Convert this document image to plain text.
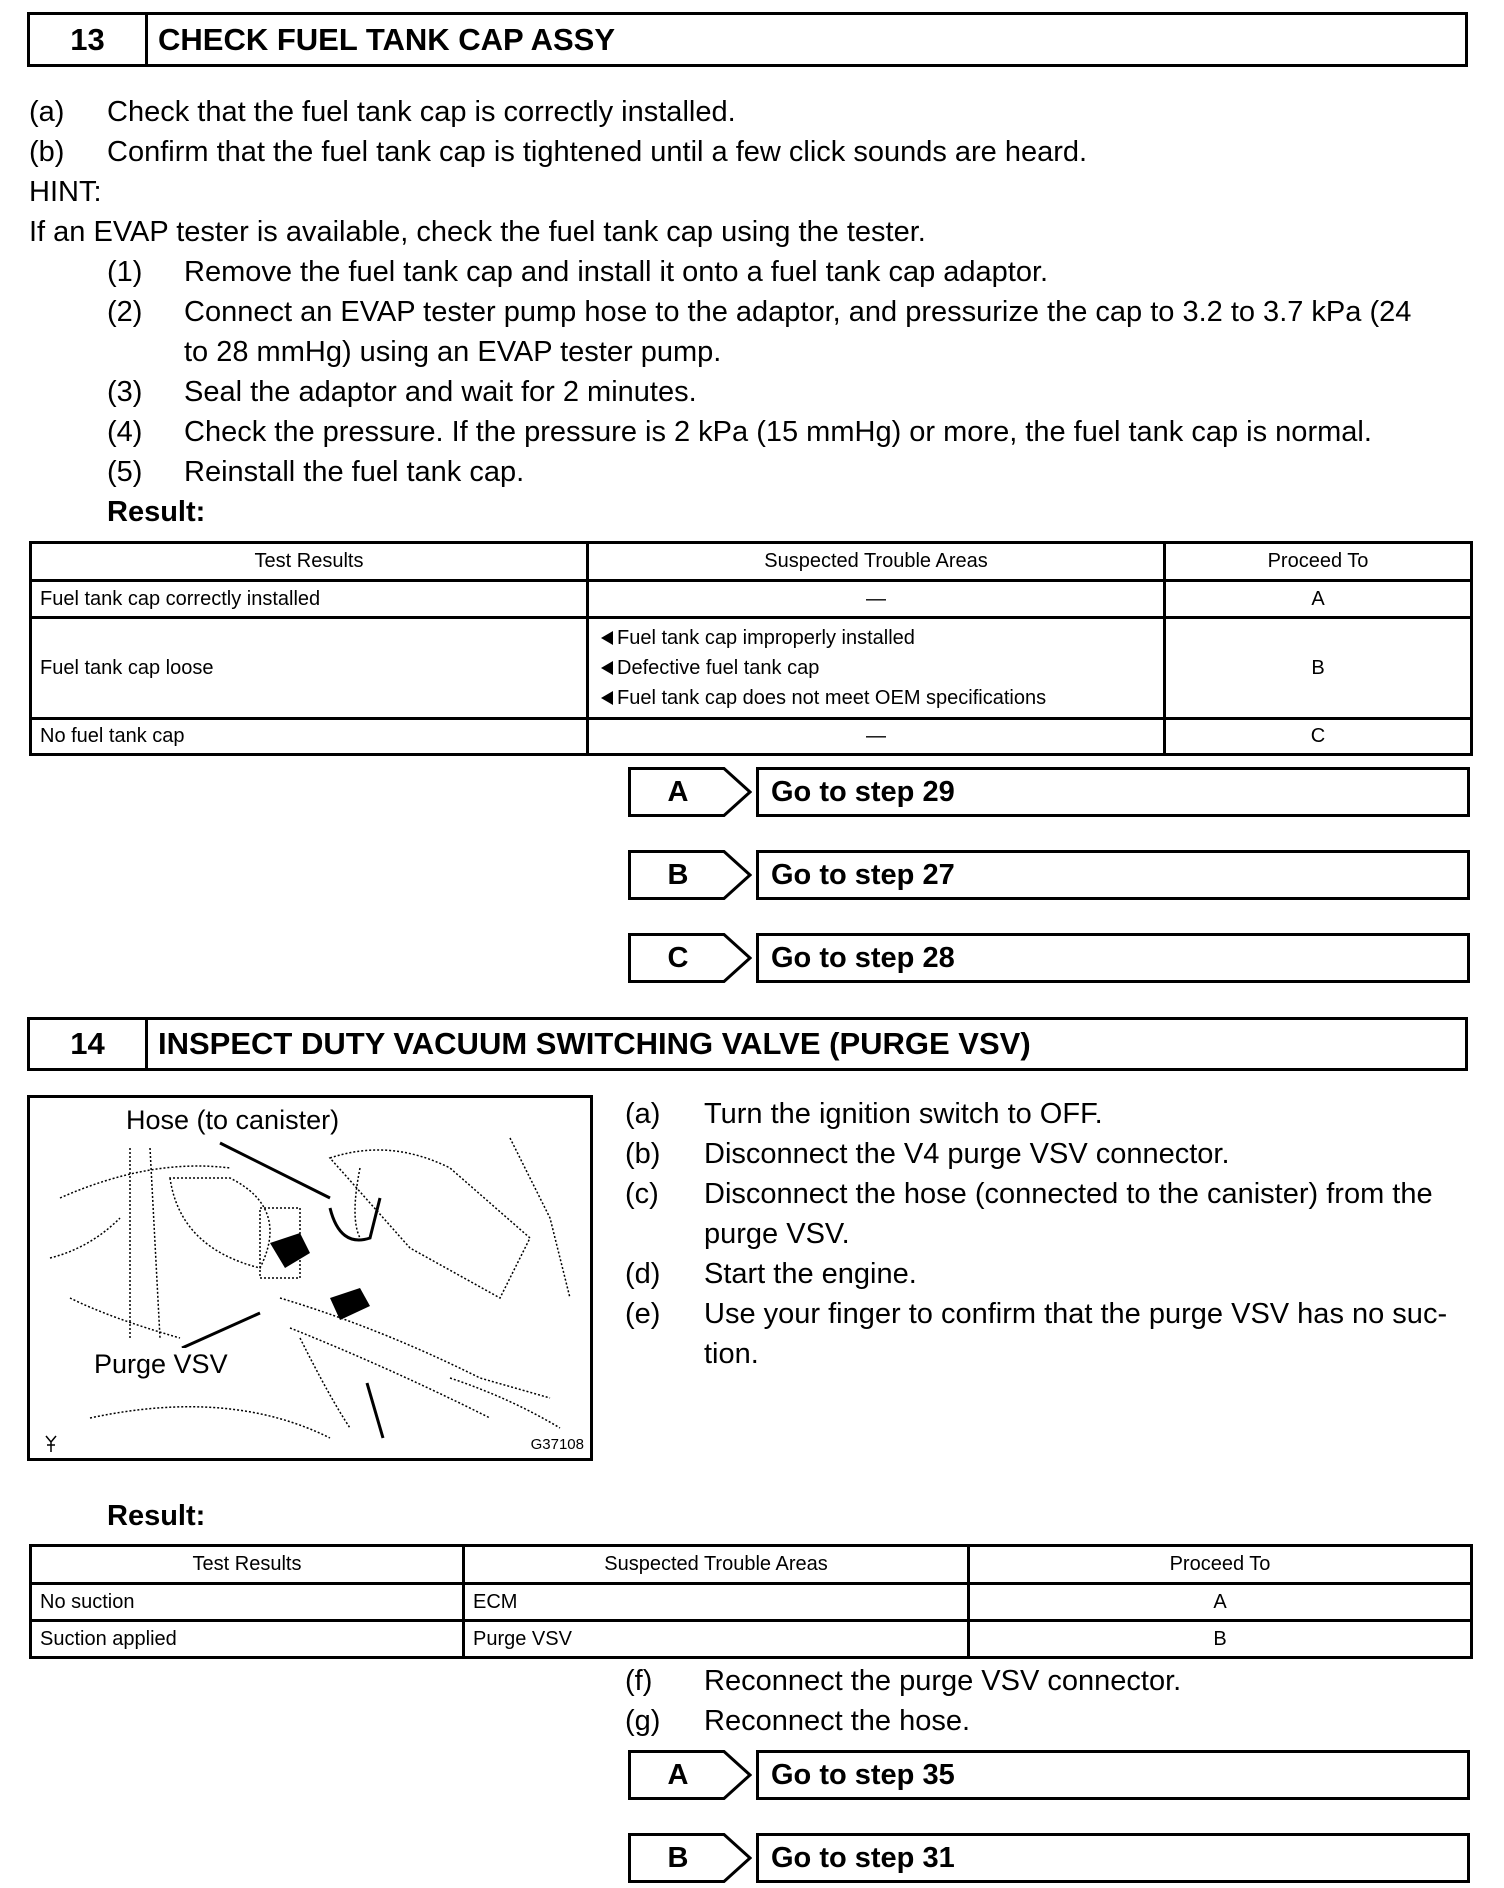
13	CHECK FUEL TANK CAP ASSY
(a)	Check that the fuel tank cap is correctly installed.
(b)	Confirm that the fuel tank cap is tightened until a few click sounds are heard.
HINT:
If an EVAP tester is available, check the fuel tank cap using the tester.
(1)	Remove the fuel tank cap and install it onto a fuel tank cap adaptor.
(2)	Connect an EVAP tester pump hose to the adaptor, and pressurize the cap to 3.2 to 3.7 kPa (24
to 28 mmHg) using an EVAP tester pump.
(3)	Seal the adaptor and wait for 2 minutes.
(4)	Check the pressure. If the pressure is 2 kPa (15 mmHg) or more, the fuel tank cap is normal.
(5)	Reinstall the fuel tank cap.
Result:
Test Results	Suspected Trouble Areas	Proceed To
Fuel tank cap correctly installed	—	A
Fuel tank cap loose	Fuel tank cap improperly installed
Defective fuel tank cap
Fuel tank cap does not meet OEM specifications	B
No fuel tank cap	—	C
A	Go to step 29
B	Go to step 27
C	Go to step 28
14	INSPECT DUTY VACUUM SWITCHING VALVE (PURGE VSV)
Hose (to canister)
Purge VSV
G37108
(a)	Turn the ignition switch to OFF.
(b)	Disconnect the V4 purge VSV connector.
(c)	Disconnect the hose (connected to the canister) from the
purge VSV.
(d)	Start the engine.
(e)	Use your finger to confirm that the purge VSV has no suc-
tion.
Result:
Test Results	Suspected Trouble Areas	Proceed To
No suction	ECM	A
Suction applied	Purge VSV	B
(f)	Reconnect the purge VSV connector.
(g)	Reconnect the hose.
A	Go to step 35
B	Go to step 31
